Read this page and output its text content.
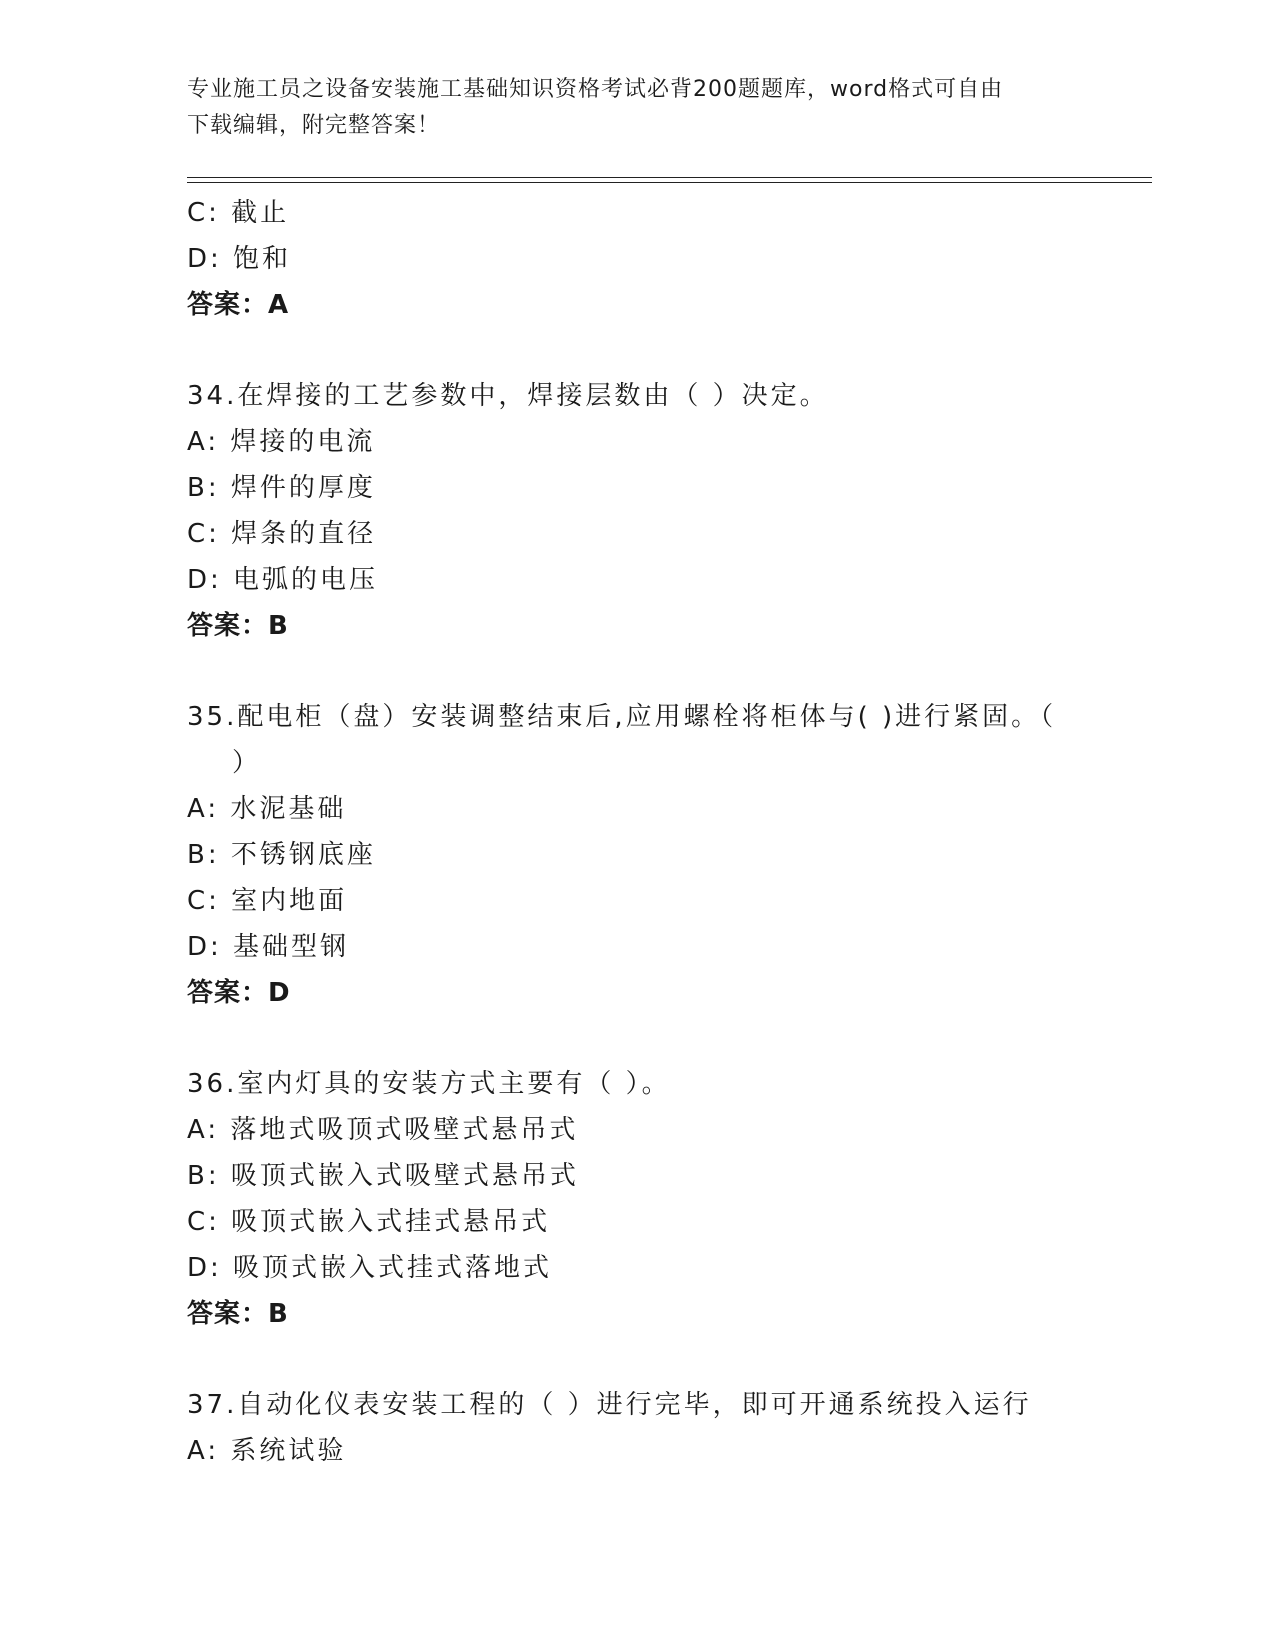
专业施工员之设备安装施工基础知识资格考试必背200题题库，word格式可自由
下载编辑，附完整答案！
C: 截止
D: 饱和
答案：A
34.在焊接的工艺参数中，焊接层数由（ ）决定。
A: 焊接的电流
B: 焊件的厚度
C: 焊条的直径
D: 电弧的电压
答案：B
35.配电柜（盘）安装调整结束后,应用螺栓将柜体与( )进行紧固。（
）
A: 水泥基础
B: 不锈钢底座
C: 室内地面
D: 基础型钢
答案：D
36.室内灯具的安装方式主要有（ ）。
A: 落地式吸顶式吸壁式悬吊式
B: 吸顶式嵌入式吸壁式悬吊式
C: 吸顶式嵌入式挂式悬吊式
D: 吸顶式嵌入式挂式落地式
答案：B
37.自动化仪表安装工程的（ ）进行完毕，即可开通系统投入运行
A: 系统试验
